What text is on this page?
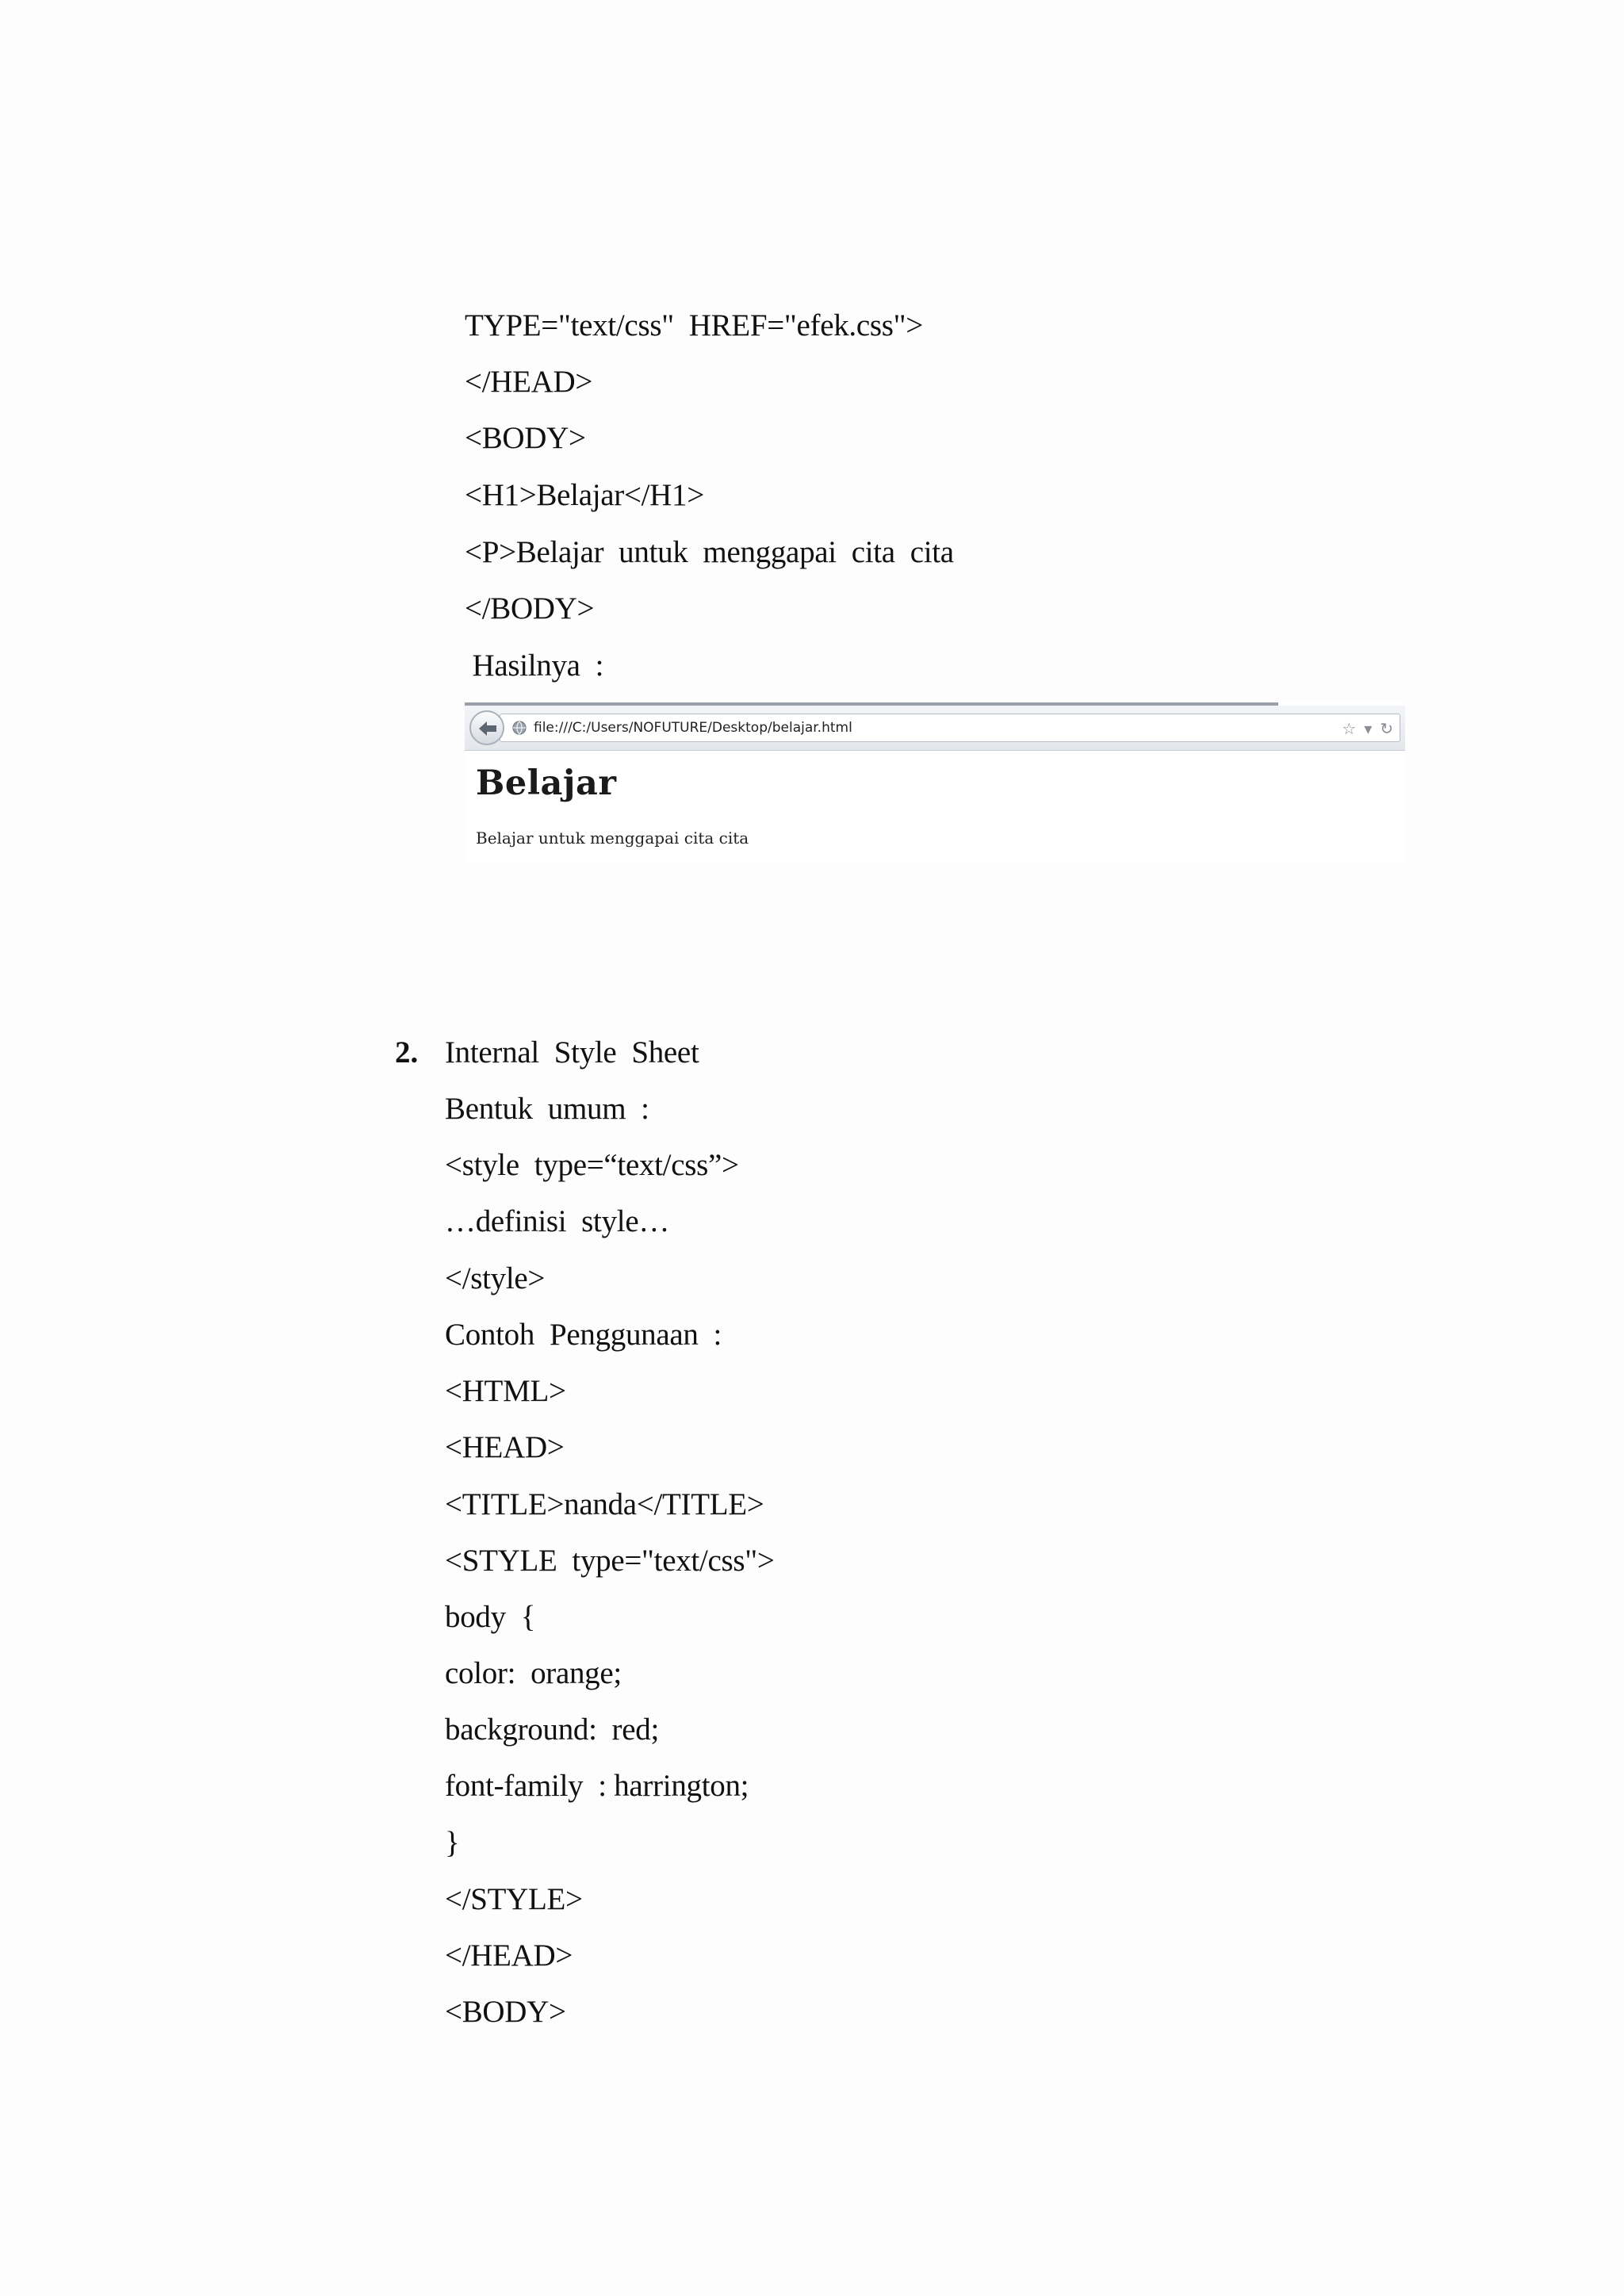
TYPE="text/css"  HREF="efek.css">
</HEAD>
<BODY>
<H1>Belajar</H1>
<P>Belajar  untuk  menggapai  cita  cita
</BODY>
Hasilnya  :
file:///C:/Users/NOFUTURE/Desktop/belajar.html	☆ ▾ ↻
Belajar
Belajar untuk menggapai cita cita
2. Internal  Style  Sheet
Bentuk  umum  :
<style  type=“text/css”>
…definisi  style…
</style>
Contoh  Penggunaan  :
<HTML>
<HEAD>
<TITLE>nanda</TITLE>
<STYLE  type="text/css">
body  {
color:  orange;
background:  red;
font-family  : harrington;
}
</STYLE>
</HEAD>
<BODY>
